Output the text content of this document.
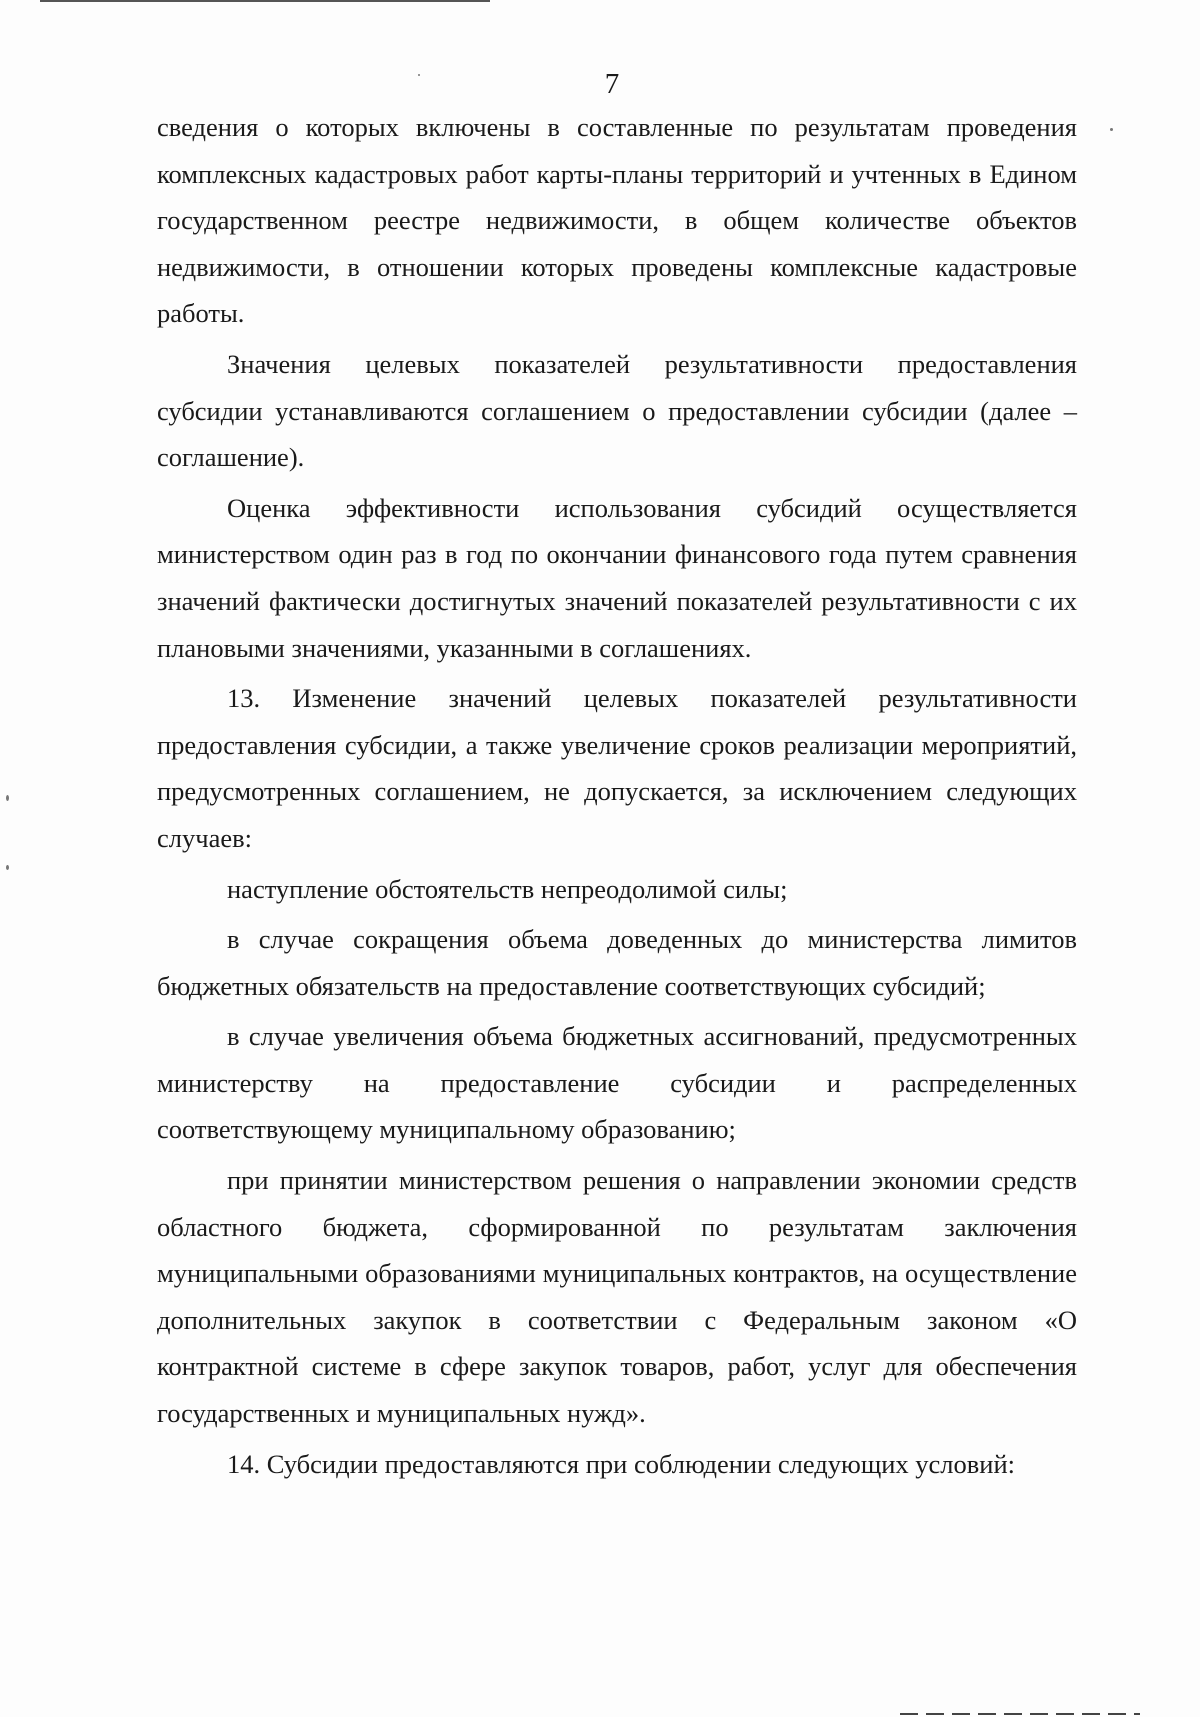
7

сведения о которых включены в составленные по результатам проведения комплексных кадастровых работ карты-планы территорий и учтенных в Едином государственном реестре недвижимости, в общем количестве объектов недвижимости, в отношении которых проведены комплексные кадастровые работы.

Значения целевых показателей результативности предоставления субсидии устанавливаются соглашением о предоставлении субсидии (далее – соглашение).

Оценка эффективности использования субсидий осуществляется министерством один раз в год по окончании финансового года путем сравнения значений фактически достигнутых значений показателей результативности с их плановыми значениями, указанными в соглашениях.

13. Изменение значений целевых показателей результативности предоставления субсидии, а также увеличение сроков реализации мероприятий, предусмотренных соглашением, не допускается, за исключением следующих случаев:

наступление обстоятельств непреодолимой силы;

в случае сокращения объема доведенных до министерства лимитов бюджетных обязательств на предоставление соответствующих субсидий;

в случае увеличения объема бюджетных ассигнований, предусмотренных министерству на предоставление субсидии и распределенных соответствующему муниципальному образованию;

при принятии министерством решения о направлении экономии средств областного бюджета, сформированной по результатам заключения муниципальными образованиями муниципальных контрактов, на осуществление дополнительных закупок в соответствии с Федеральным законом «О контрактной системе в сфере закупок товаров, работ, услуг для обеспечения государственных и муниципальных нужд».

14. Субсидии предоставляются при соблюдении следующих условий:
